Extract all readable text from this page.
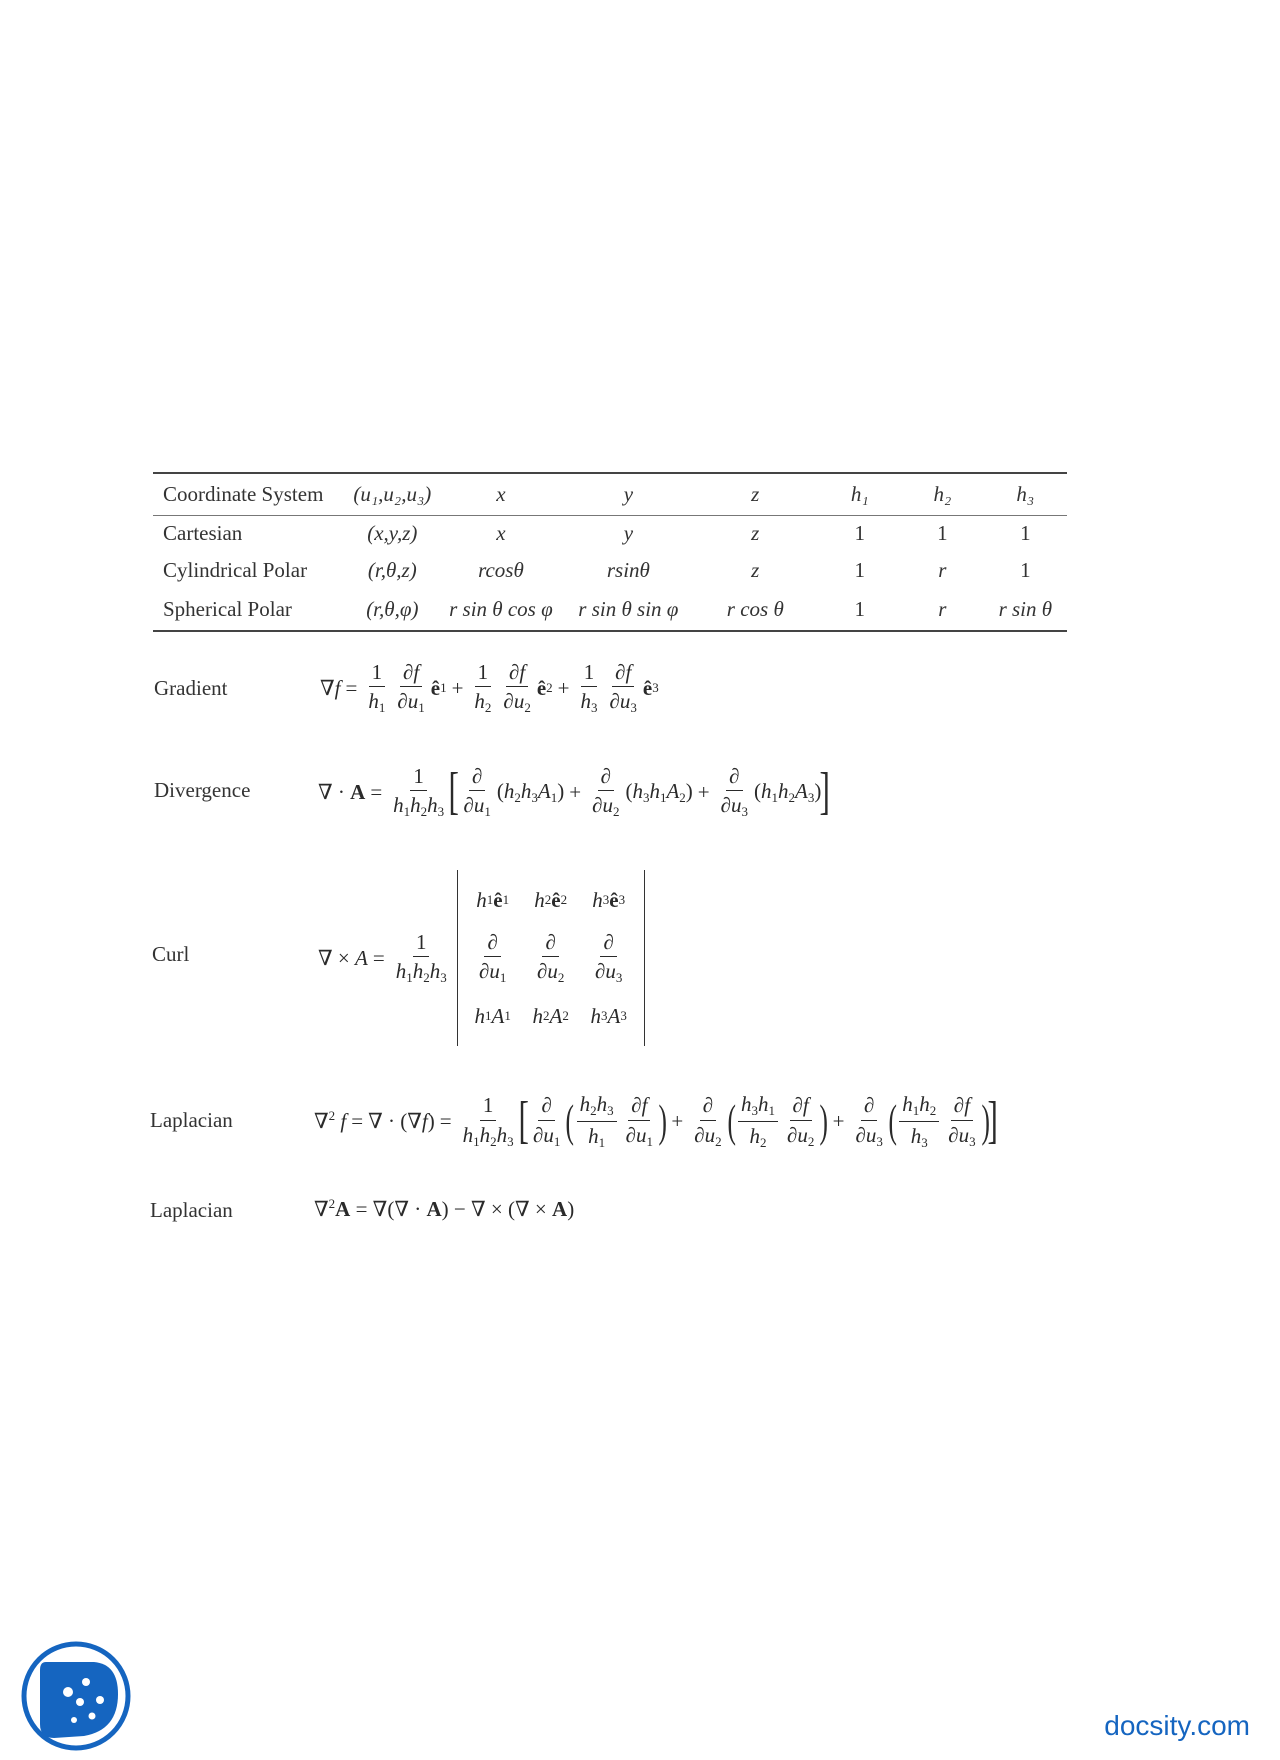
Coordinate System	(u₁,u₂,u₃)	x	y	z	h₁	h₂	h₃
Cartesian	(x,y,z)	x	y	z	1	1	1
Cylindrical Polar	(r,θ,z)	rcosθ	rsinθ	z	1	r	1
Spherical Polar	(r,θ,φ)	r sin θ cos φ	r sin θ sin φ	r cos θ	1	r	r sin θ
Gradient	$\nabla f = \frac{1}{h_1} \frac{\partial f}{\partial u_1}$ ê $1 + \frac{1}{h_2} \frac{\partial f}{\partial u_2}$ ê $2 + \frac{1}{h_3} \frac{\partial f}{\partial u_3}$ ê 3
Divergence	∇ · $A = \frac{1}{h_1h_2h_3}$ [ $\frac{\partial}{\partial u_1} (h_2h_3A_1) + \frac{\partial}{\partial u_2} (h_3h_1A_2) + \frac{\partial}{\partial u_3} (h_1h_2A_3)$
]
Curl	∇ × $A = \frac{1}{h_1h_2h_3}$
h 1 ê 1 h 2 ê 2 h 3 ê 3
$\frac{\partial}{\partial u_1} \frac{\partial}{\partial u_2} \frac{\partial}{\partial u_3}$
h 1 A 1 h 2 A 2 h 3 A 3
Laplacian	∇$^2$ f = ∇ · $(\nabla f) = \frac{1}{h_1h_2h_3}$ [ $\frac{\partial}{\partial u_1}$ ( $\frac{h_2h_3}{h_1} \frac{\partial f}{\partial u_1}$ ) + $\frac{\partial}{\partial u_2}$ ( $\frac{h_3h_1}{h_2} \frac{\partial f}{\partial u_2}$ ) + $\frac{\partial}{\partial u_3}$ ( $\frac{h_1h_2}{h_3} \frac{\partial f}{\partial u_3}$ )
]
Laplacian	∇$^2$A = ∇(∇ · A) − ∇ × (∇ × A)
docsity.com
